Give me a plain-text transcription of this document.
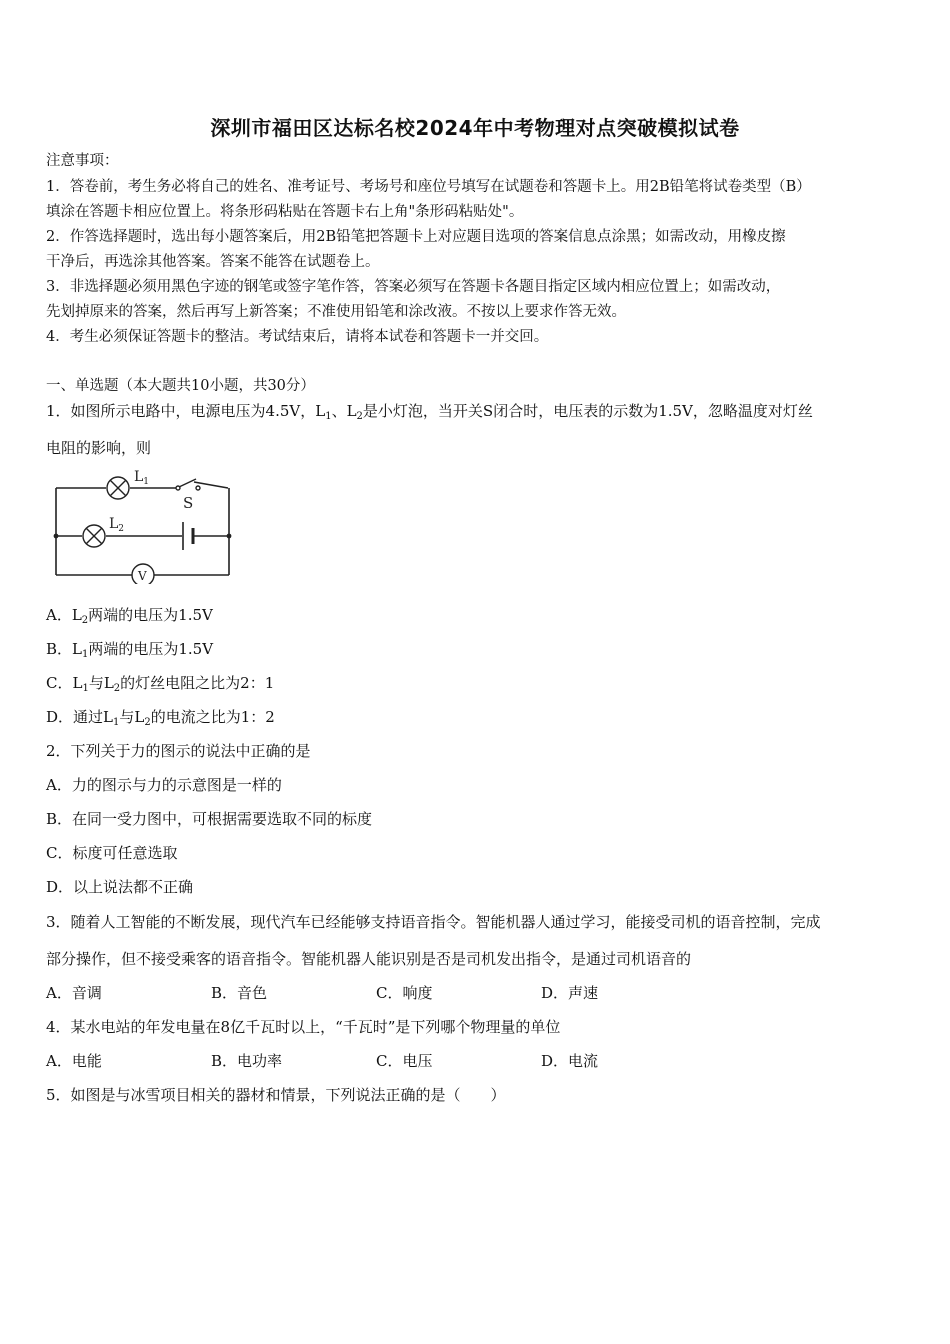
深圳市福田区达标名校2024年中考物理对点突破模拟试卷
注意事项：
1．答卷前，考生务必将自己的姓名、准考证号、考场号和座位号填写在试题卷和答题卡上。用2B铅笔将试卷类型（B）
填涂在答题卡相应位置上。将条形码粘贴在答题卡右上角"条形码粘贴处"。
2．作答选择题时，选出每小题答案后，用2B铅笔把答题卡上对应题目选项的答案信息点涂黑；如需改动，用橡皮擦
干净后，再选涂其他答案。答案不能答在试题卷上。
3．非选择题必须用黑色字迹的钢笔或签字笔作答，答案必须写在答题卡各题目指定区域内相应位置上；如需改动，
先划掉原来的答案，然后再写上新答案；不准使用铅笔和涂改液。不按以上要求作答无效。
4．考生必须保证答题卡的整洁。考试结束后，请将本试卷和答题卡一并交回。
一、单选题（本大题共10小题，共30分）
1．如图所示电路中，电源电压为4.5V，$L_1$、$L_2$是小灯泡，当开关S闭合时，电压表的示数为1.5V，忽略温度对灯丝
电阻的影响，则
$L_1$
$L_2$
S
V
A．$L_2$两端的电压为1.5V
B．$L_1$两端的电压为1.5V
C．$L_1$与$L_2$的灯丝电阻之比为2：1
D．通过$L_1$与$L_2$的电流之比为1：2
2．下列关于力的图示的说法中正确的是
A．力的图示与力的示意图是一样的
B．在同一受力图中，可根据需要选取不同的标度
C．标度可任意选取
D．以上说法都不正确
3．随着人工智能的不断发展，现代汽车已经能够支持语音指令。智能机器人通过学习，能接受司机的语音控制，完成
部分操作，但不接受乘客的语音指令。智能机器人能识别是否是司机发出指令，是通过司机语音的
A．音调	B．音色	C．响度	D．声速
4．某水电站的年发电量在8亿千瓦时以上，“千瓦时”是下列哪个物理量的单位
A．电能	B．电功率	C．电压	D．电流
5．如图是与冰雪项目相关的器材和情景，下列说法正确的是（　　）
